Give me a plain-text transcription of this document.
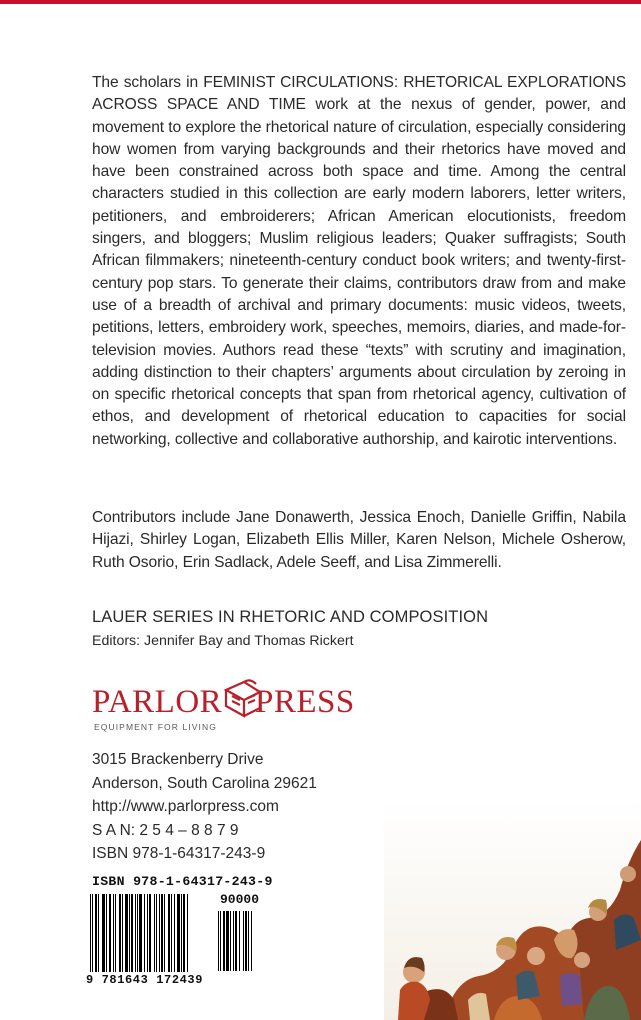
The scholars in FEMINIST CIRCULATIONS: RHETORICAL EXPLORATIONS ACROSS SPACE AND TIME work at the nexus of gender, power, and movement to explore the rhetorical nature of circulation, especially considering how women from varying backgrounds and their rhetorics have moved and have been constrained across both space and time. Among the central characters studied in this collection are early modern laborers, letter writers, petitioners, and embroiderers; African American elocutionists, freedom singers, and bloggers; Muslim religious leaders; Quaker suffragists; South African filmmakers; nineteenth-century conduct book writers; and twenty-first-century pop stars. To generate their claims, contributors draw from and make use of a breadth of archival and primary documents: music videos, tweets, petitions, letters, embroidery work, speeches, memoirs, diaries, and made-for-television movies. Authors read these “texts” with scrutiny and imagination, adding distinction to their chapters’ arguments about circulation by zeroing in on specific rhetorical concepts that span from rhetorical agency, cultivation of ethos, and development of rhetorical education to capacities for social networking, collective and collaborative authorship, and kairotic interventions.

Contributors include Jane Donawerth, Jessica Enoch, Danielle Griffin, Nabila Hijazi, Shirley Logan, Elizabeth Ellis Miller, Karen Nelson, Michele Osherow, Ruth Osorio, Erin Sadlack, Adele Seeff, and Lisa Zimmerelli.

LAUER SERIES IN RHETORIC AND COMPOSITION
Editors: Jennifer Bay and Thomas Rickert
PARLOR PRESS
EQUIPMENT FOR LIVING
3015 Brackenberry Drive
Anderson, South Carolina 29621
http://www.parlorpress.com
S A N: 2 5 4 – 8 8 7 9
ISBN 978-1-64317-243-9
ISBN 978-1-64317-243-9
90000
9 781643 172439
